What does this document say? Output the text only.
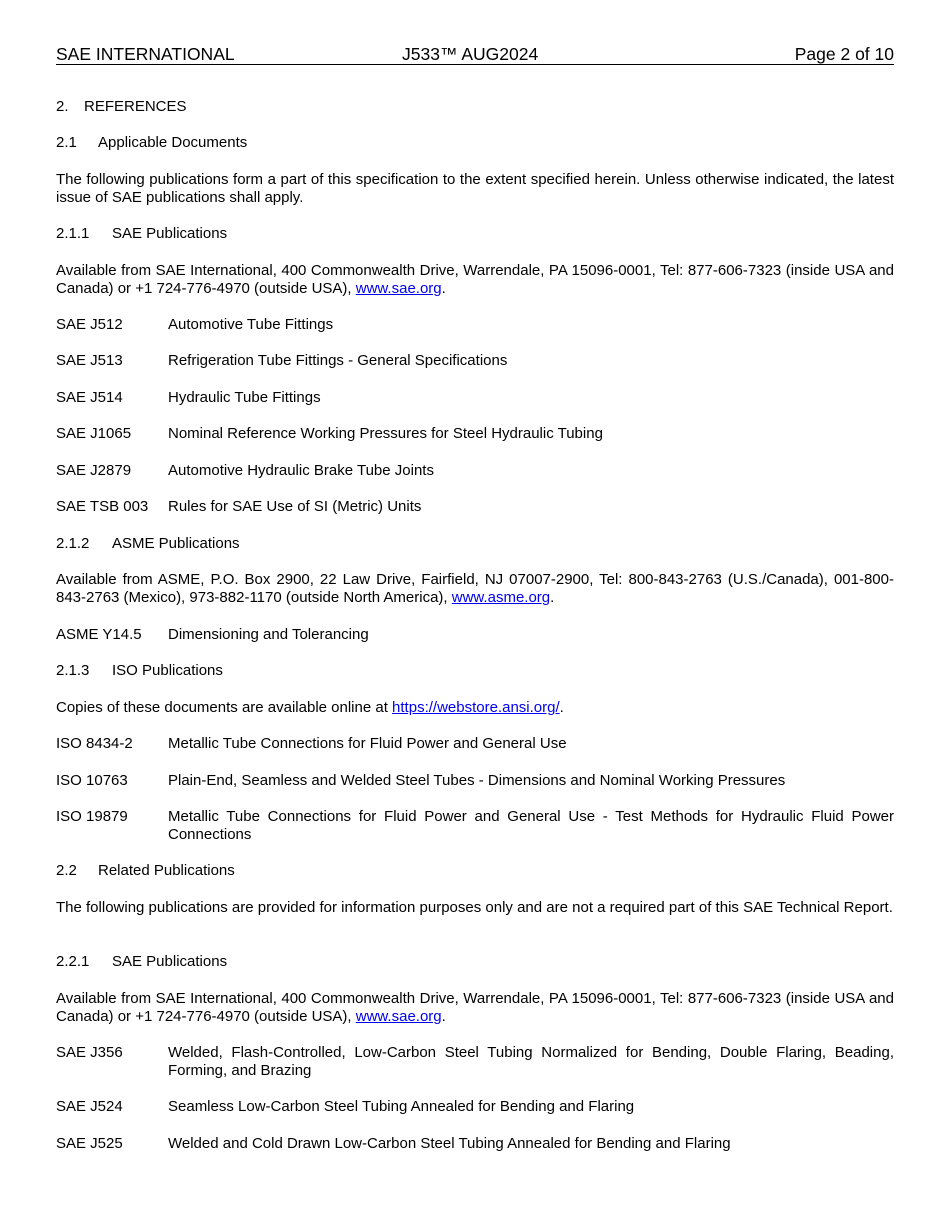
SAE INTERNATIONAL	J533™ AUG2024	Page 2 of 10
2. REFERENCES
2.1 Applicable Documents
The following publications form a part of this specification to the extent specified herein. Unless otherwise indicated, the latest issue of SAE publications shall apply.
2.1.1 SAE Publications
Available from SAE International, 400 Commonwealth Drive, Warrendale, PA 15096-0001, Tel: 877-606-7323 (inside USA and Canada) or +1 724-776-4970 (outside USA), www.sae.org.
SAE J512	Automotive Tube Fittings
SAE J513	Refrigeration Tube Fittings - General Specifications
SAE J514	Hydraulic Tube Fittings
SAE J1065	Nominal Reference Working Pressures for Steel Hydraulic Tubing
SAE J2879	Automotive Hydraulic Brake Tube Joints
SAE TSB 003	Rules for SAE Use of SI (Metric) Units
2.1.2 ASME Publications
Available from ASME, P.O. Box 2900, 22 Law Drive, Fairfield, NJ 07007-2900, Tel: 800-843-2763 (U.S./Canada), 001-800-843-2763 (Mexico), 973-882-1170 (outside North America), www.asme.org.
ASME Y14.5	Dimensioning and Tolerancing
2.1.3 ISO Publications
Copies of these documents are available online at https://webstore.ansi.org/.
ISO 8434-2	Metallic Tube Connections for Fluid Power and General Use
ISO 10763	Plain-End, Seamless and Welded Steel Tubes - Dimensions and Nominal Working Pressures
ISO 19879	Metallic Tube Connections for Fluid Power and General Use - Test Methods for Hydraulic Fluid Power Connections
2.2 Related Publications
The following publications are provided for information purposes only and are not a required part of this SAE Technical Report.
2.2.1 SAE Publications
Available from SAE International, 400 Commonwealth Drive, Warrendale, PA 15096-0001, Tel: 877-606-7323 (inside USA and Canada) or +1 724-776-4970 (outside USA), www.sae.org.
SAE J356	Welded, Flash-Controlled, Low-Carbon Steel Tubing Normalized for Bending, Double Flaring, Beading, Forming, and Brazing
SAE J524	Seamless Low-Carbon Steel Tubing Annealed for Bending and Flaring
SAE J525	Welded and Cold Drawn Low-Carbon Steel Tubing Annealed for Bending and Flaring
